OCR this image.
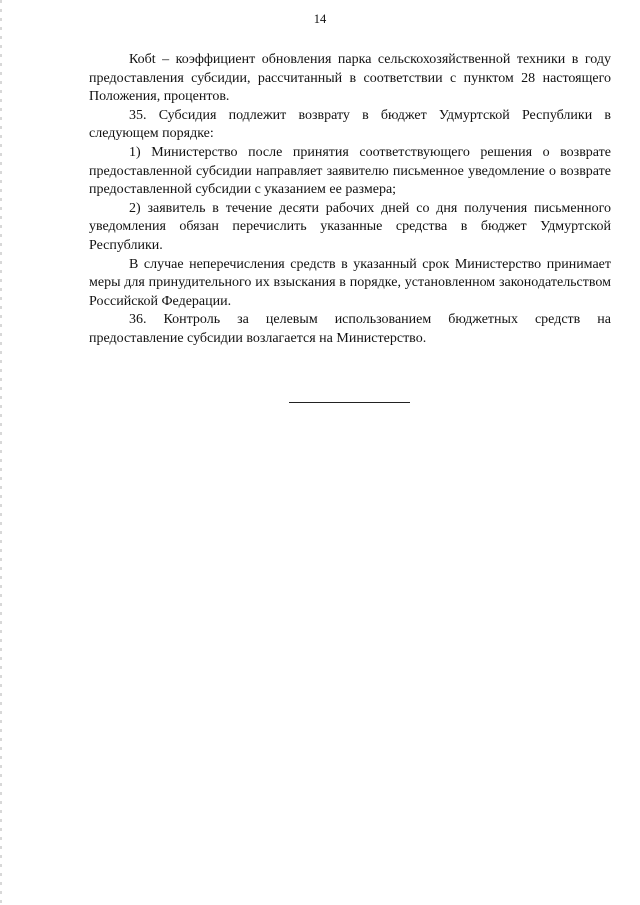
14

Кобt – коэффициент обновления парка сельскохозяйственной техники в году предоставления субсидии, рассчитанный в соответствии с пунктом 28 настоящего Положения, процентов.

35. Субсидия подлежит возврату в бюджет Удмуртской Республики в следующем порядке:

1) Министерство после принятия соответствующего решения о возврате предоставленной субсидии направляет заявителю письменное уведомление о возврате предоставленной субсидии с указанием ее размера;

2) заявитель в течение десяти рабочих дней со дня получения письменного уведомления обязан перечислить указанные средства в бюджет Удмуртской Республики.

В случае неперечисления средств в указанный срок Министерство принимает меры для принудительного их взыскания в порядке, установленном законодательством Российской Федерации.

36. Контроль за целевым использованием бюджетных средств на предоставление субсидии возлагается на Министерство.
